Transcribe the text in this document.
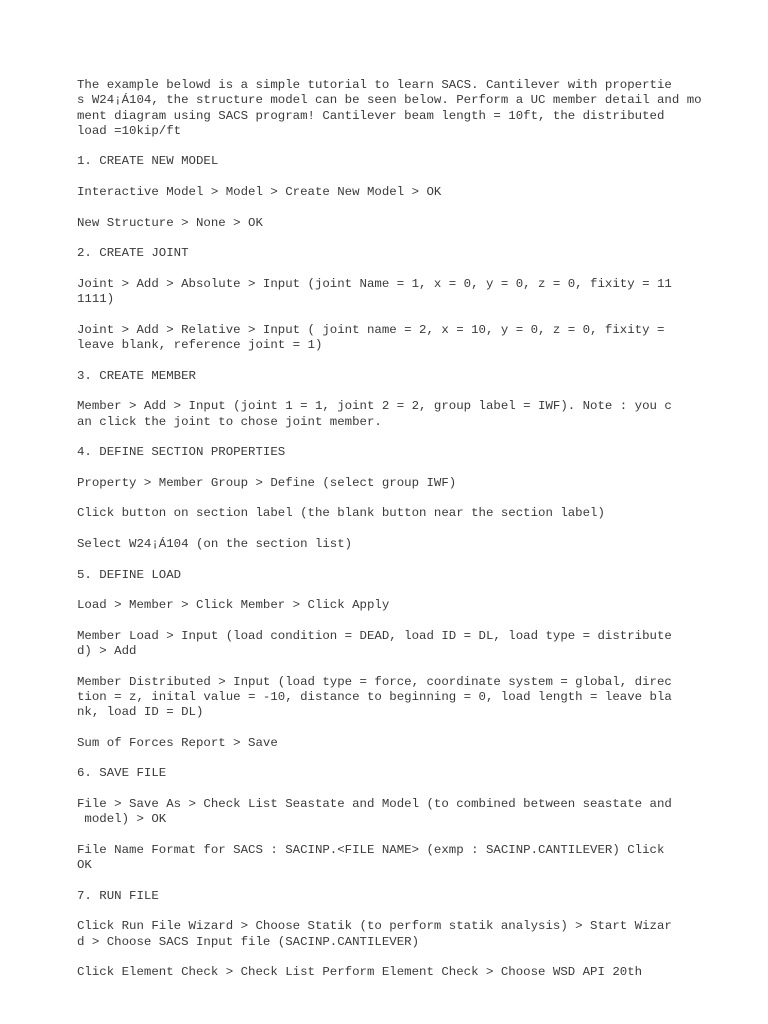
The example belowd is a simple tutorial to learn SACS. Cantilever with propertie
s W24¡Á104, the structure model can be seen below. Perform a UC member detail and mo
ment diagram using SACS program! Cantilever beam length = 10ft, the distributed
load =10kip/ft

1. CREATE NEW MODEL

Interactive Model > Model > Create New Model > OK

New Structure > None > OK

2. CREATE JOINT

Joint > Add > Absolute > Input (joint Name = 1, x = 0, y = 0, z = 0, fixity = 11
1111)

Joint > Add > Relative > Input ( joint name = 2, x = 10, y = 0, z = 0, fixity =
leave blank, reference joint = 1)

3. CREATE MEMBER

Member > Add > Input (joint 1 = 1, joint 2 = 2, group label = IWF). Note : you c
an click the joint to chose joint member.

4. DEFINE SECTION PROPERTIES

Property > Member Group > Define (select group IWF)

Click button on section label (the blank button near the section label)

Select W24¡Á104 (on the section list)

5. DEFINE LOAD

Load > Member > Click Member > Click Apply

Member Load > Input (load condition = DEAD, load ID = DL, load type = distribute
d) > Add

Member Distributed > Input (load type = force, coordinate system = global, direc
tion = z, inital value = -10, distance to beginning = 0, load length = leave bla
nk, load ID = DL)

Sum of Forces Report > Save

6. SAVE FILE

File > Save As > Check List Seastate and Model (to combined between seastate and
model) > OK

File Name Format for SACS : SACINP.<FILE NAME> (exmp : SACINP.CANTILEVER) Click
OK

7. RUN FILE

Click Run File Wizard > Choose Statik (to perform statik analysis) > Start Wizar
d > Choose SACS Input file (SACINP.CANTILEVER)

Click Element Check > Check List Perform Element Check > Choose WSD API 20th
